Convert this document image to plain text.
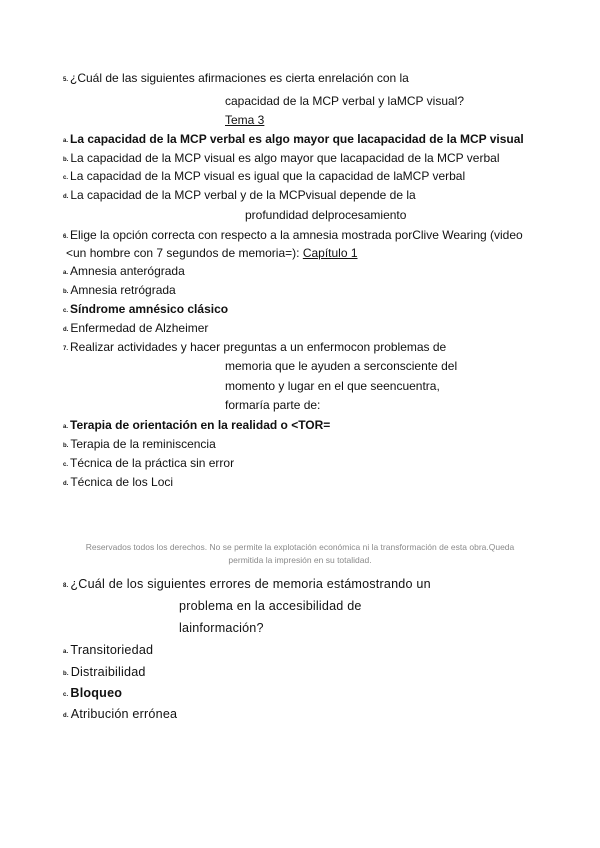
5. ¿Cuál de las siguientes afirmaciones es cierta enrelación con la
capacidad de la MCP verbal y laMCP visual?
Tema 3
a. La capacidad de la MCP verbal es algo mayor que lacapacidad de la MCP visual
b. La capacidad de la MCP visual es algo mayor que lacapacidad de la MCP verbal
c. La capacidad de la MCP visual es igual que la capacidad de laMCP verbal
d. La capacidad de la MCP verbal y de la MCPvisual depende de la
profundidad delprocesamiento
6. Elige la opción correcta con respecto a la amnesia mostrada porClive Wearing (video
<un hombre con 7 segundos de memoria=): Capítulo 1
a. Amnesia anterógrada
b. Amnesia retrógrada
c. Síndrome amnésico clásico
d. Enfermedad de Alzheimer
7. Realizar actividades y hacer preguntas a un enfermocon problemas de
memoria que le ayuden a serconsciente del
momento y lugar en el que seencuentra,
formaría parte de:
a. Terapia de orientación en la realidad o <TOR=
b. Terapia de la reminiscencia
c. Técnica de la práctica sin error
d. Técnica de los Loci
Reservados todos los derechos. No se permite la explotación económica ni la transformación de esta obra.Queda
permitida la impresión en su totalidad.
8. ¿Cuál de los siguientes errores de memoria estámostrando un
problema en la accesibilidad de
lainformación?
a. Transitoriedad
b. Distraibilidad
c. Bloqueo
d. Atribución errónea
